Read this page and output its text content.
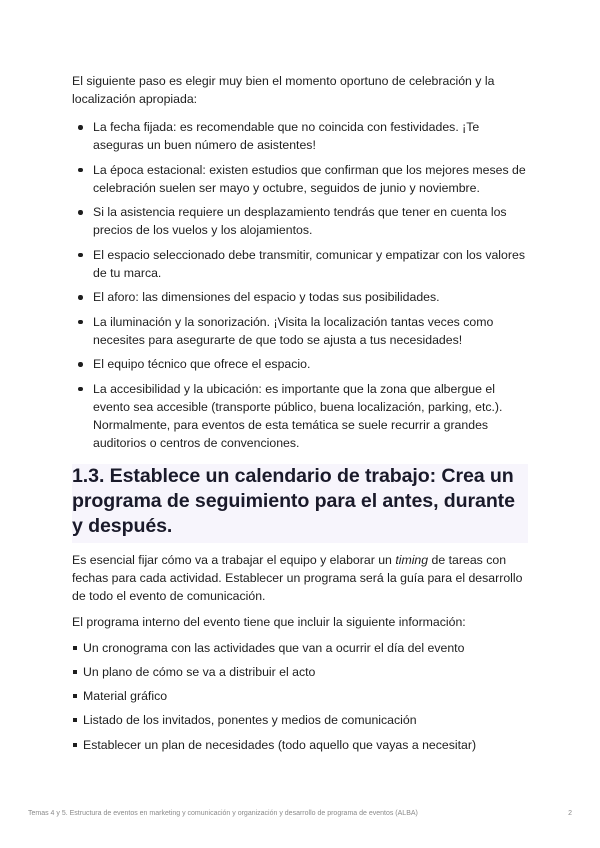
El siguiente paso es elegir muy bien el momento oportuno de celebración y la localización apropiada:

La fecha fijada: es recomendable que no coincida con festividades. ¡Te aseguras un buen número de asistentes!
La época estacional: existen estudios que confirman que los mejores meses de celebración suelen ser mayo y octubre, seguidos de junio y noviembre.
Si la asistencia requiere un desplazamiento tendrás que tener en cuenta los precios de los vuelos y los alojamientos.
El espacio seleccionado debe transmitir, comunicar y empatizar con los valores de tu marca.
El aforo: las dimensiones del espacio y todas sus posibilidades.
La iluminación y la sonorización. ¡Visita la localización tantas veces como necesites para asegurarte de que todo se ajusta a tus necesidades!
El equipo técnico que ofrece el espacio.
La accesibilidad y la ubicación: es importante que la zona que albergue el evento sea accesible (transporte público, buena localización, parking, etc.). Normalmente, para eventos de esta temática se suele recurrir a grandes auditorios o centros de convenciones.
1.3. Establece un calendario de trabajo: Crea un programa de seguimiento para el antes, durante y después.

Es esencial fijar cómo va a trabajar el equipo y elaborar un timing de tareas con fechas para cada actividad. Establecer un programa será la guía para el desarrollo de todo el evento de comunicación.

El programa interno del evento tiene que incluir la siguiente información:

Un cronograma con las actividades que van a ocurrir el día del evento
Un plano de cómo se va a distribuir el acto
Material gráfico
Listado de los invitados, ponentes y medios de comunicación
Establecer un plan de necesidades (todo aquello que vayas a necesitar)
Temas 4 y 5. Estructura de eventos en marketing y comunicación y organización y desarrollo de programa de eventos (ALBA)	2
